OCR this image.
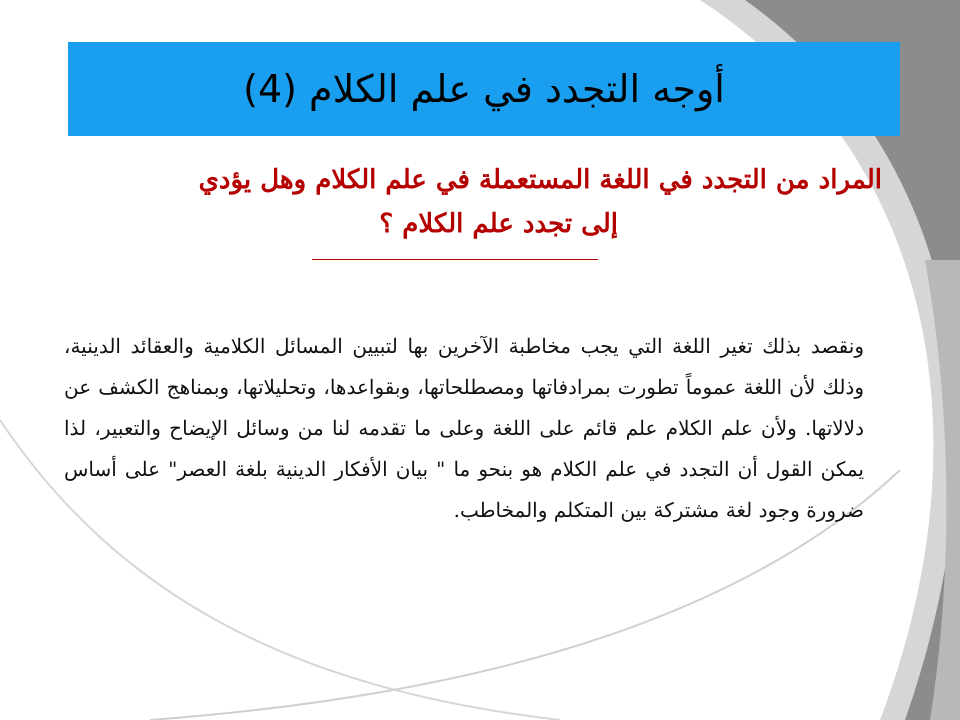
أوجه التجدد في علم الكلام (4)
المراد من التجدد في اللغة المستعملة في علم الكلام وهل يؤدي
إلى تجدد علم الكلام ؟
ونقصد بذلك تغير اللغة التي يجب مخاطبة الآخرين بها لتبيين المسائل الكلامية والعقائد الدينية، وذلك لأن اللغة عموماً تطورت بمرادفاتها ومصطلحاتها، وبقواعدها، وتحليلاتها، وبمناهج الكشف عن دلالاتها. ولأن علم الكلام علم قائم على اللغة وعلى ما تقدمه لنا من وسائل الإيضاح والتعبير، لذا يمكن القول أن التجدد في علم الكلام هو بنحو ما " بيان الأفكار الدينية بلغة العصر" على أساس ضرورة وجود لغة مشتركة بين المتكلم والمخاطب.
